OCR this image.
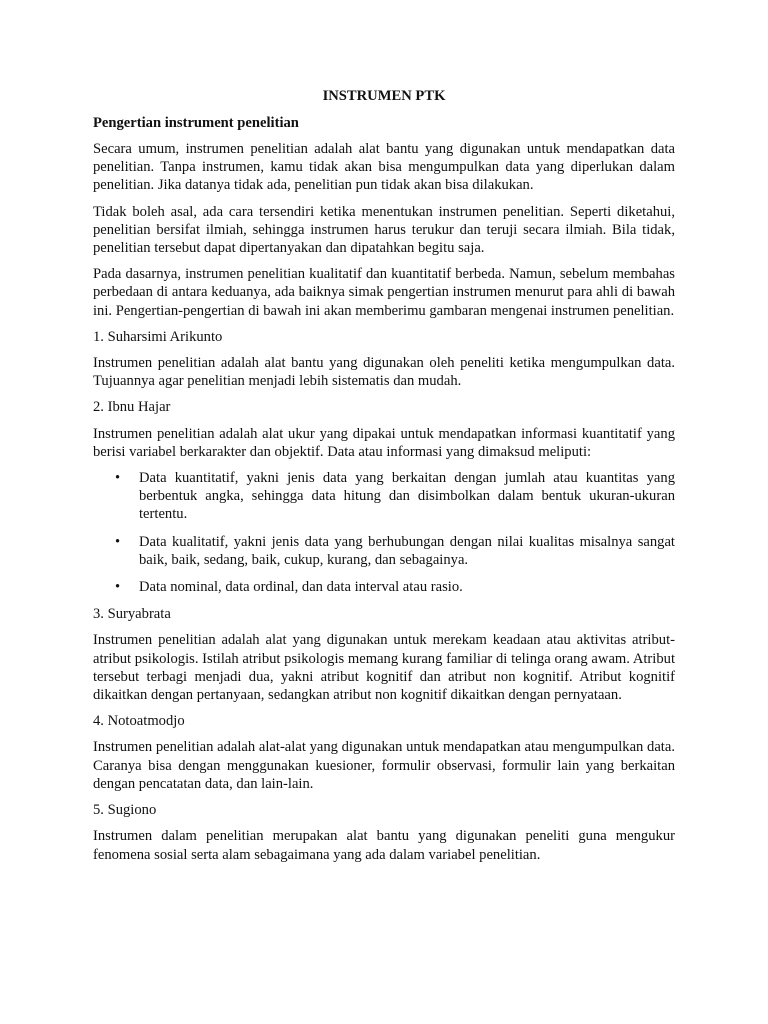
INSTRUMEN PTK
Pengertian instrument penelitian

Secara umum, instrumen penelitian adalah alat bantu yang digunakan untuk mendapatkan data penelitian. Tanpa instrumen, kamu tidak akan bisa mengumpulkan data yang diperlukan dalam penelitian. Jika datanya tidak ada, penelitian pun tidak akan bisa dilakukan.

Tidak boleh asal, ada cara tersendiri ketika menentukan instrumen penelitian. Seperti diketahui, penelitian bersifat ilmiah, sehingga instrumen harus terukur dan teruji secara ilmiah. Bila tidak, penelitian tersebut dapat dipertanyakan dan dipatahkan begitu saja.

Pada dasarnya, instrumen penelitian kualitatif dan kuantitatif berbeda. Namun, sebelum membahas perbedaan di antara keduanya, ada baiknya simak pengertian instrumen menurut para ahli di bawah ini. Pengertian-pengertian di bawah ini akan memberimu gambaran mengenai instrumen penelitian.

1. Suharsimi Arikunto

Instrumen penelitian adalah alat bantu yang digunakan oleh peneliti ketika mengumpulkan data. Tujuannya agar penelitian menjadi lebih sistematis dan mudah.

2. Ibnu Hajar

Instrumen penelitian adalah alat ukur yang dipakai untuk mendapatkan informasi kuantitatif yang berisi variabel berkarakter dan objektif. Data atau informasi yang dimaksud meliputi:

• Data kuantitatif, yakni jenis data yang berkaitan dengan jumlah atau kuantitas yang berbentuk angka, sehingga data hitung dan disimbolkan dalam bentuk ukuran-ukuran tertentu.
• Data kualitatif, yakni jenis data yang berhubungan dengan nilai kualitas misalnya sangat baik, baik, sedang, baik, cukup, kurang, dan sebagainya.
• Data nominal, data ordinal, dan data interval atau rasio.
3. Suryabrata

Instrumen penelitian adalah alat yang digunakan untuk merekam keadaan atau aktivitas atribut-atribut psikologis. Istilah atribut psikologis memang kurang familiar di telinga orang awam. Atribut tersebut terbagi menjadi dua, yakni atribut kognitif dan atribut non kognitif. Atribut kognitif dikaitkan dengan pertanyaan, sedangkan atribut non kognitif dikaitkan dengan pernyataan.

4. Notoatmodjo

Instrumen penelitian adalah alat-alat yang digunakan untuk mendapatkan atau mengumpulkan data. Caranya bisa dengan menggunakan kuesioner, formulir observasi, formulir lain yang berkaitan dengan pencatatan data, dan lain-lain.

5. Sugiono

Instrumen dalam penelitian merupakan alat bantu yang digunakan peneliti guna mengukur fenomena sosial serta alam sebagaimana yang ada dalam variabel penelitian.
